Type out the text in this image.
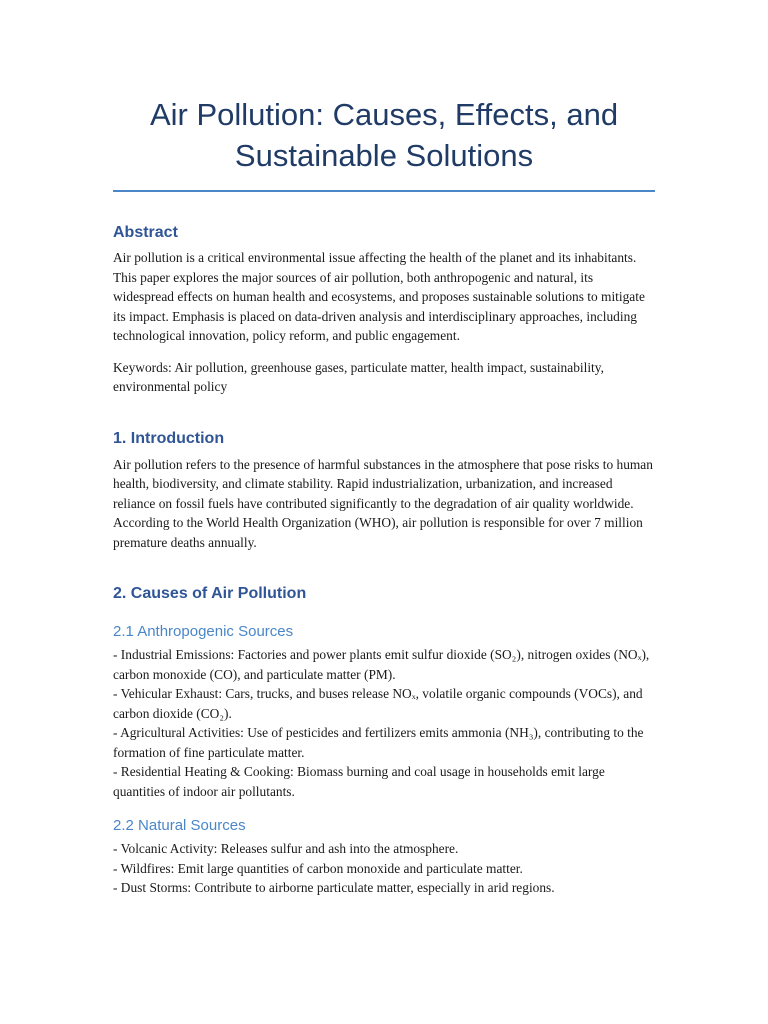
Air Pollution: Causes, Effects, and Sustainable Solutions
Abstract

Air pollution is a critical environmental issue affecting the health of the planet and its inhabitants. This paper explores the major sources of air pollution, both anthropogenic and natural, its widespread effects on human health and ecosystems, and proposes sustainable solutions to mitigate its impact. Emphasis is placed on data-driven analysis and interdisciplinary approaches, including technological innovation, policy reform, and public engagement.

Keywords: Air pollution, greenhouse gases, particulate matter, health impact, sustainability, environmental policy

1. Introduction

Air pollution refers to the presence of harmful substances in the atmosphere that pose risks to human health, biodiversity, and climate stability. Rapid industrialization, urbanization, and increased reliance on fossil fuels have contributed significantly to the degradation of air quality worldwide. According to the World Health Organization (WHO), air pollution is responsible for over 7 million premature deaths annually.

2. Causes of Air Pollution
2.1 Anthropogenic Sources

- Industrial Emissions: Factories and power plants emit sulfur dioxide (SO₂), nitrogen oxides (NOₓ), carbon monoxide (CO), and particulate matter (PM).

- Vehicular Exhaust: Cars, trucks, and buses release NOₓ, volatile organic compounds (VOCs), and carbon dioxide (CO₂).

- Agricultural Activities: Use of pesticides and fertilizers emits ammonia (NH₃), contributing to the formation of fine particulate matter.

- Residential Heating & Cooking: Biomass burning and coal usage in households emit large quantities of indoor air pollutants.

2.2 Natural Sources

- Volcanic Activity: Releases sulfur and ash into the atmosphere.

- Wildfires: Emit large quantities of carbon monoxide and particulate matter.

- Dust Storms: Contribute to airborne particulate matter, especially in arid regions.
